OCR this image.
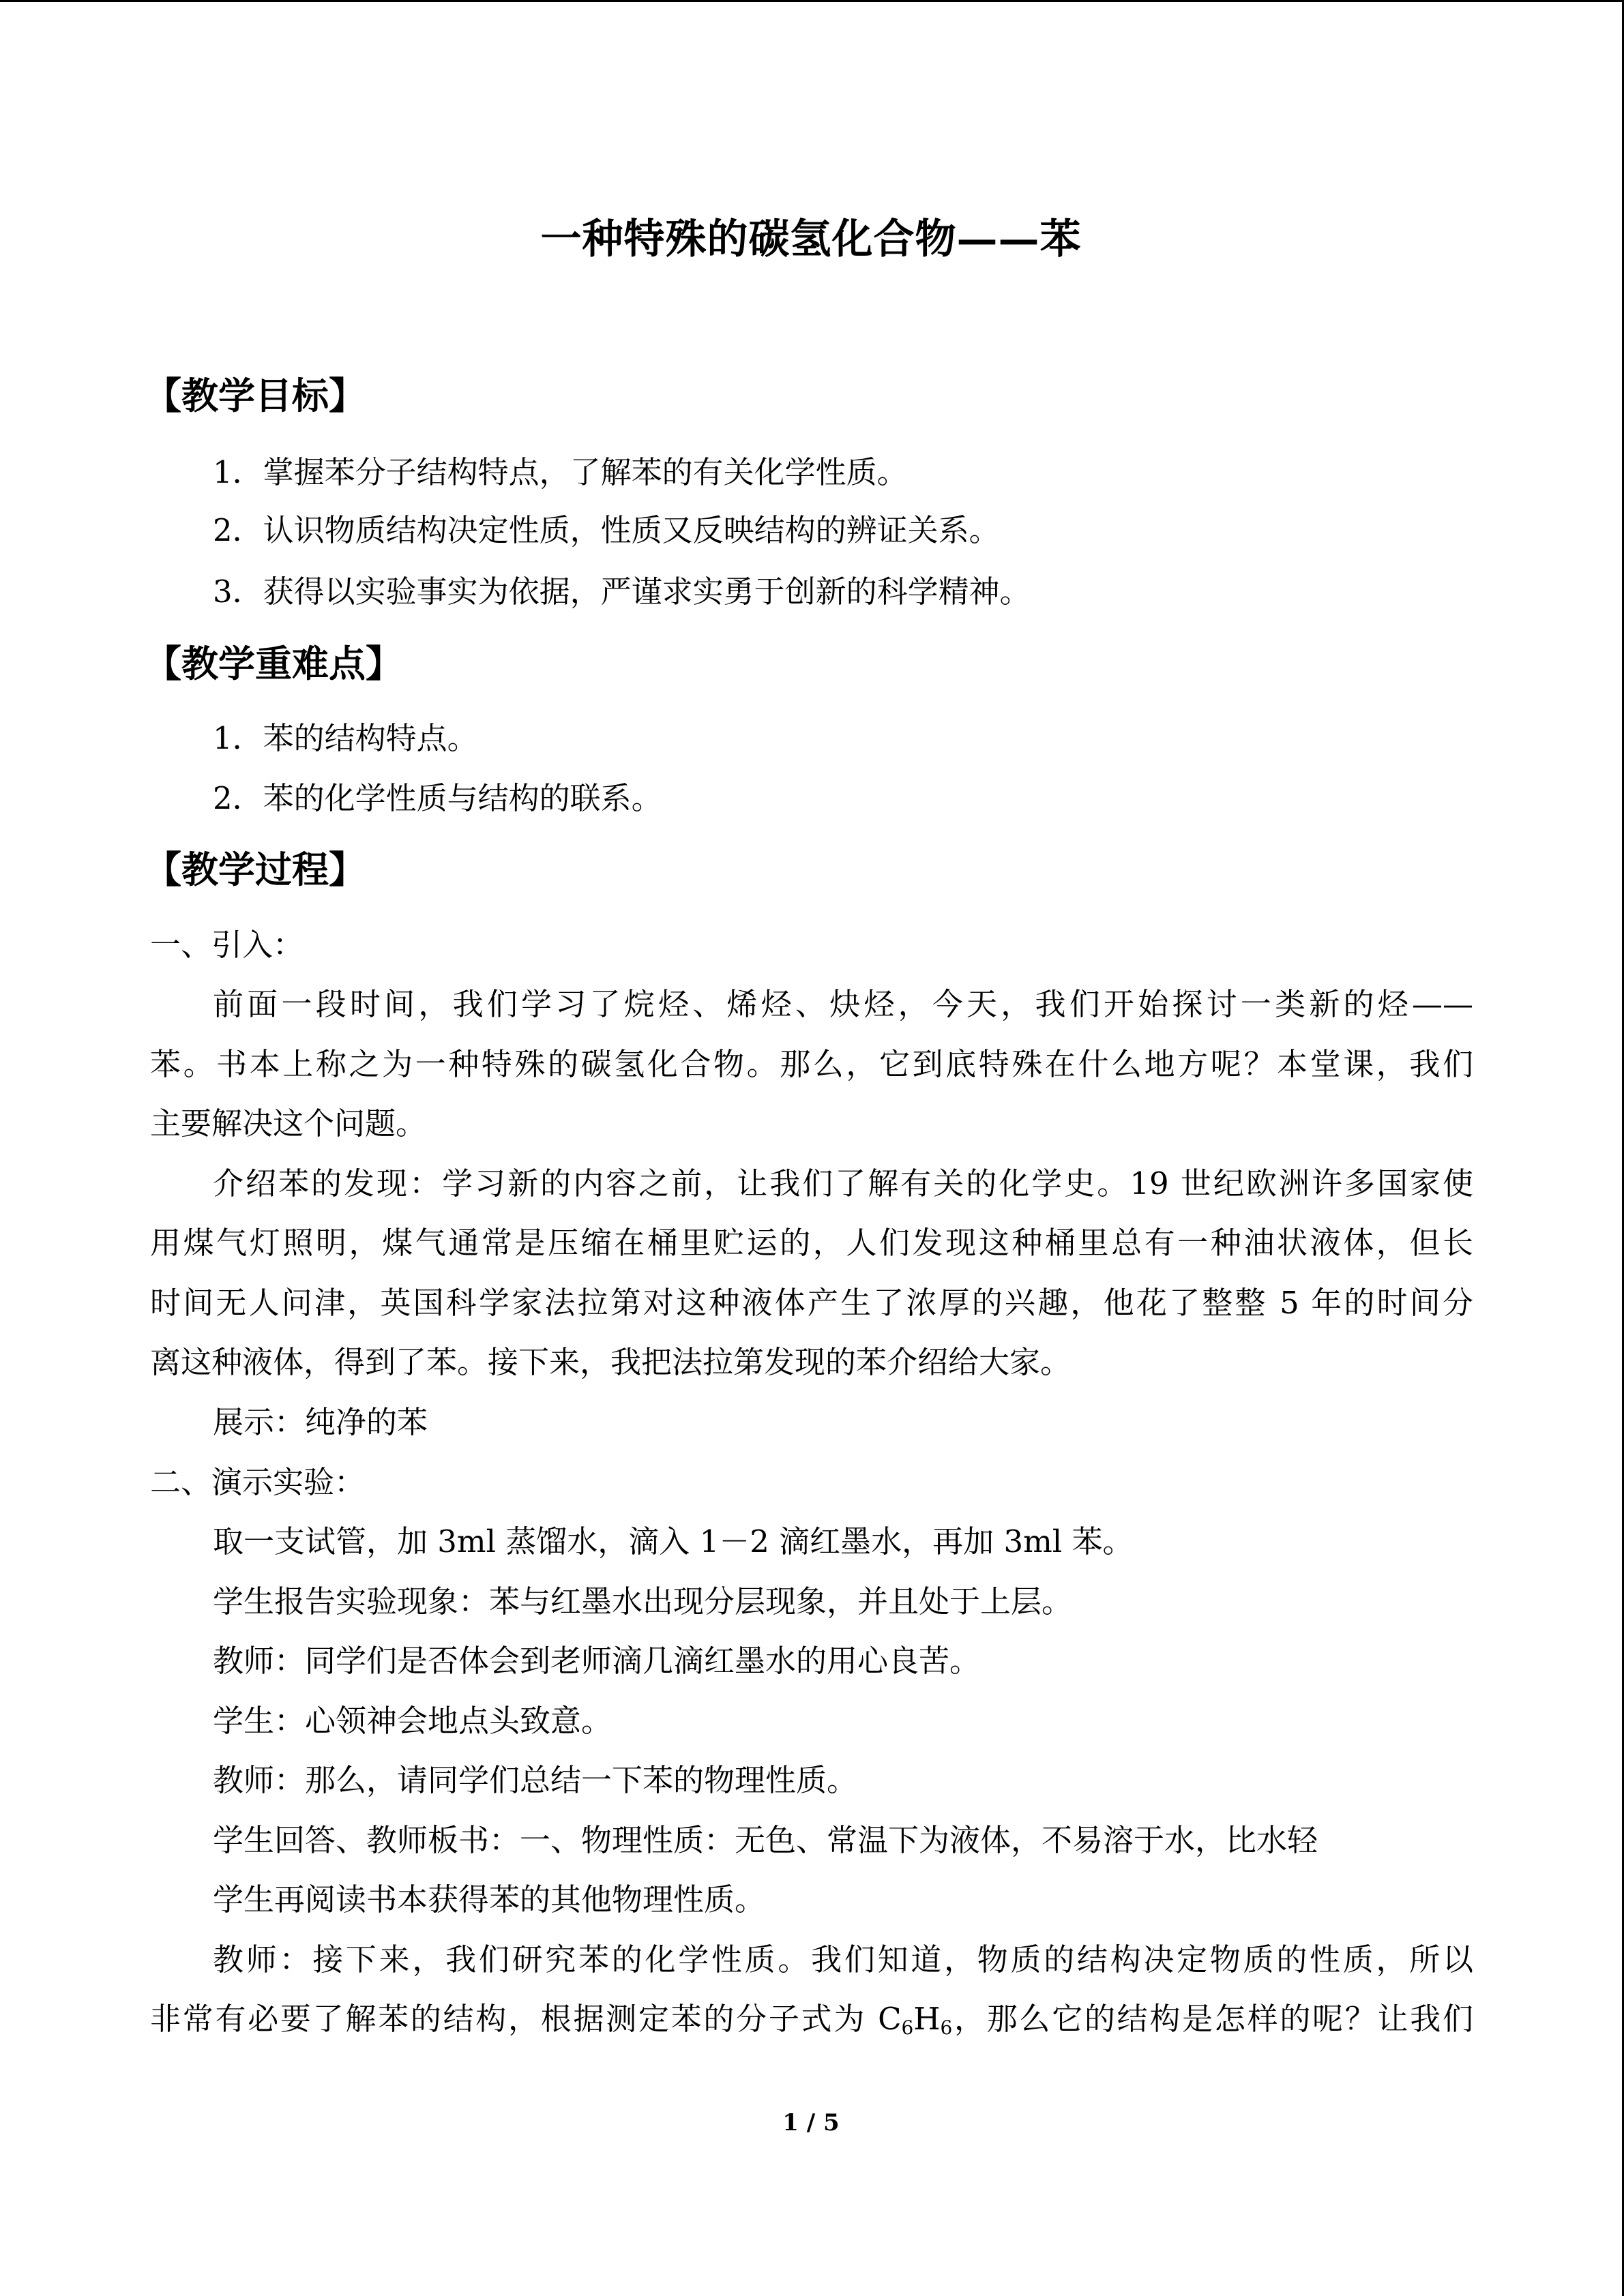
一种特殊的碳氢化合物——苯
【教学目标】
1．掌握苯分子结构特点，了解苯的有关化学性质。
2．认识物质结构决定性质，性质又反映结构的辨证关系。
3．获得以实验事实为依据，严谨求实勇于创新的科学精神。
【教学重难点】
1．苯的结构特点。
2．苯的化学性质与结构的联系。
【教学过程】
一、引入：
前面一段时间，我们学习了烷烃、烯烃、炔烃，今天，我们开始探讨一类新的烃——
苯。书本上称之为一种特殊的碳氢化合物。那么，它到底特殊在什么地方呢？本堂课，我们
主要解决这个问题。
介绍苯的发现：学习新的内容之前，让我们了解有关的化学史。19 世纪欧洲许多国家使
用煤气灯照明，煤气通常是压缩在桶里贮运的，人们发现这种桶里总有一种油状液体，但长
时间无人问津，英国科学家法拉第对这种液体产生了浓厚的兴趣，他花了整整 5 年的时间分
离这种液体，得到了苯。接下来，我把法拉第发现的苯介绍给大家。
展示：纯净的苯
二、演示实验：
取一支试管，加 3ml 蒸馏水，滴入 1－2 滴红墨水，再加 3ml 苯。
学生报告实验现象：苯与红墨水出现分层现象，并且处于上层。
教师：同学们是否体会到老师滴几滴红墨水的用心良苦。
学生：心领神会地点头致意。
教师：那么，请同学们总结一下苯的物理性质。
学生回答、教师板书：一、物理性质：无色、常温下为液体，不易溶于水，比水轻
学生再阅读书本获得苯的其他物理性质。
教师：接下来，我们研究苯的化学性质。我们知道，物质的结构决定物质的性质，所以
非常有必要了解苯的结构，根据测定苯的分子式为 $C_6H_6$，那么它的结构是怎样的呢？让我们
1 / 5
